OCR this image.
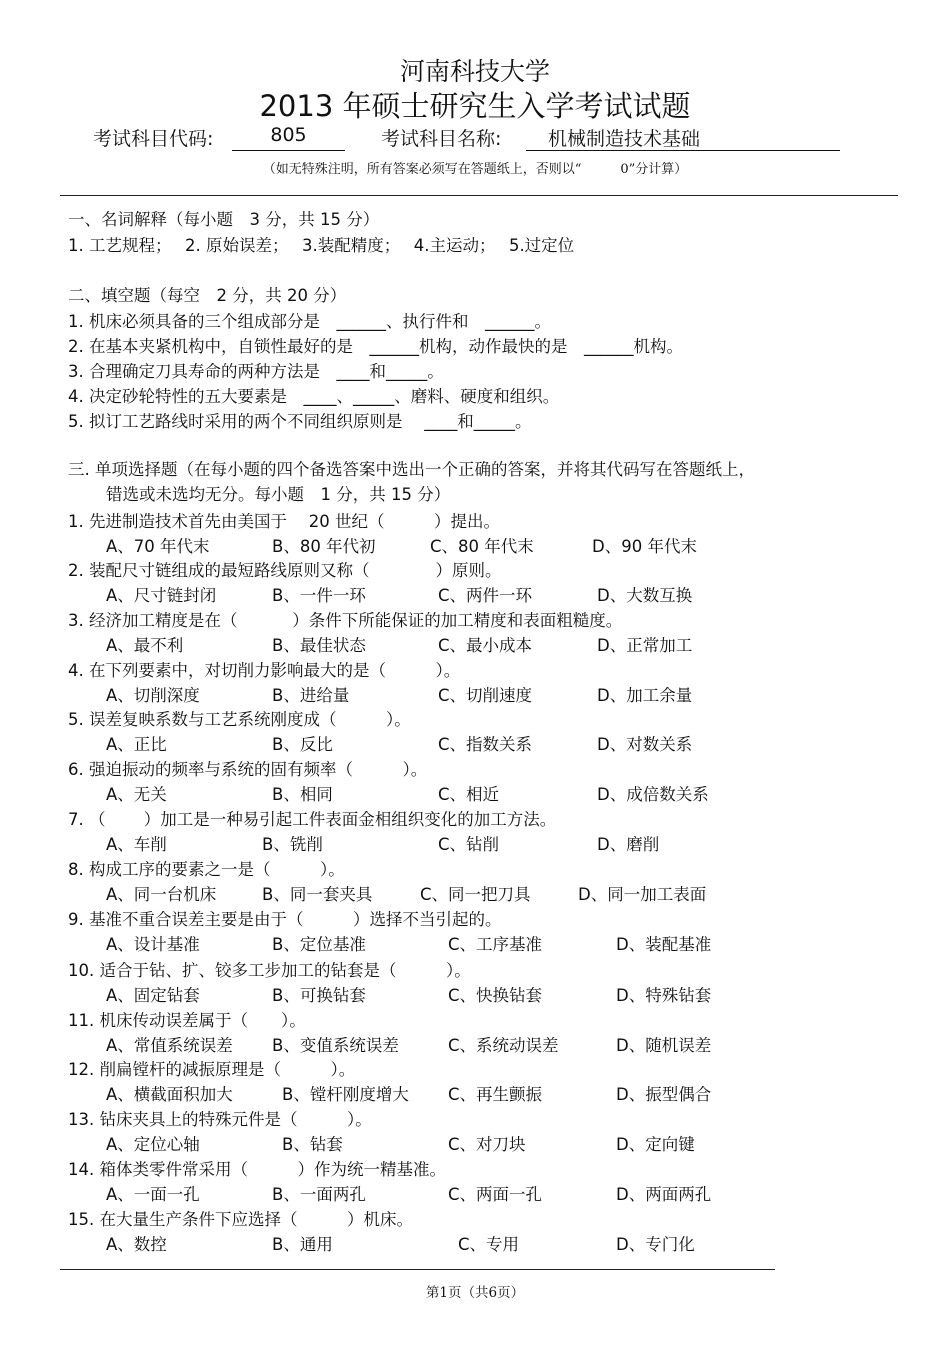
河南科技大学
2013 年硕士研究生入学考试试题
考试科目代码:	805	考试科目名称: 机械制造技术基础
（如无特殊注明，所有答案必须写在答题纸上，否则以“　　　0”分计算）
一、名词解释（每小题　3 分，共 15 分）
1. 工艺规程；　 2. 原始误差；　 3.装配精度；　 4.主运动；　 5.过定位
二、填空题（每空　2 分，共 20 分）
1. 机床必须具备的三个组成部分是　______、执行件和　______。
2. 在基本夹紧机构中，自锁性最好的是　______机构，动作最快的是　______机构。
3. 合理确定刀具寿命的两种方法是　____和_____。
4. 决定砂轮特性的五大要素是　____、_____、磨料、硬度和组织。
5. 拟订工艺路线时采用的两个不同组织原则是　 ____和_____。
三. 单项选择题（在每小题的四个备选答案中选出一个正确的答案，并将其代码写在答题纸上，
错选或未选均无分。每小题　1 分，共 15 分）
1. 先进制造技术首先由美国于　 20 世纪（　　　）提出。
A、70 年代末	B、80 年代初	C、80 年代末	D、90 年代末
2. 装配尺寸链组成的最短路线原则又称（　　　　）原则。
A、尺寸链封闭	B、一件一环	C、两件一环	D、大数互换
3. 经济加工精度是在（　　　 ）条件下所能保证的加工精度和表面粗糙度。
A、最不利	B、最佳状态	C、最小成本	D、正常加工
4. 在下列要素中，对切削力影响最大的是（　　　）。
A、切削深度	B、进给量	C、切削速度	D、加工余量
5. 误差复映系数与工艺系统刚度成（　　　）。
A、正比	B、反比	C、指数关系	D、对数关系
6. 强迫振动的频率与系统的固有频率（　　　）。
A、无关	B、相同	C、相近	D、成倍数关系
7. （　　 ）加工是一种易引起工件表面金相组织变化的加工方法。
A、车削	B、铣削	C、钻削	D、磨削
8. 构成工序的要素之一是（　　　）。
A、同一台机床	B、同一套夹具	C、同一把刀具	D、同一加工表面
9. 基准不重合误差主要是由于（　　　）选择不当引起的。
A、设计基准	B、定位基准	C、工序基准	D、装配基准
10. 适合于钻、扩、铰多工步加工的钻套是（　　　）。
A、固定钻套	B、可换钻套	C、快换钻套	D、特殊钻套
11. 机床传动误差属于（　　）。
A、常值系统误差 B、变值系统误差	C、系统动误差	D、随机误差
12. 削扁镗杆的减振原理是（　　　）。
A、横截面积加大	B、镗杆刚度增大 C、再生颤振	D、振型偶合
13. 钻床夹具上的特殊元件是（　　　）。
A、定位心轴	B、钻套	C、对刀块	D、定向键
14. 箱体类零件常采用（　　　）作为统一精基准。
A、一面一孔	B、一面两孔	C、两面一孔	D、两面两孔
15. 在大量生产条件下应选择（　　　）机床。
A、数控	B、通用	C、专用	D、专门化
第1页（共6页）
